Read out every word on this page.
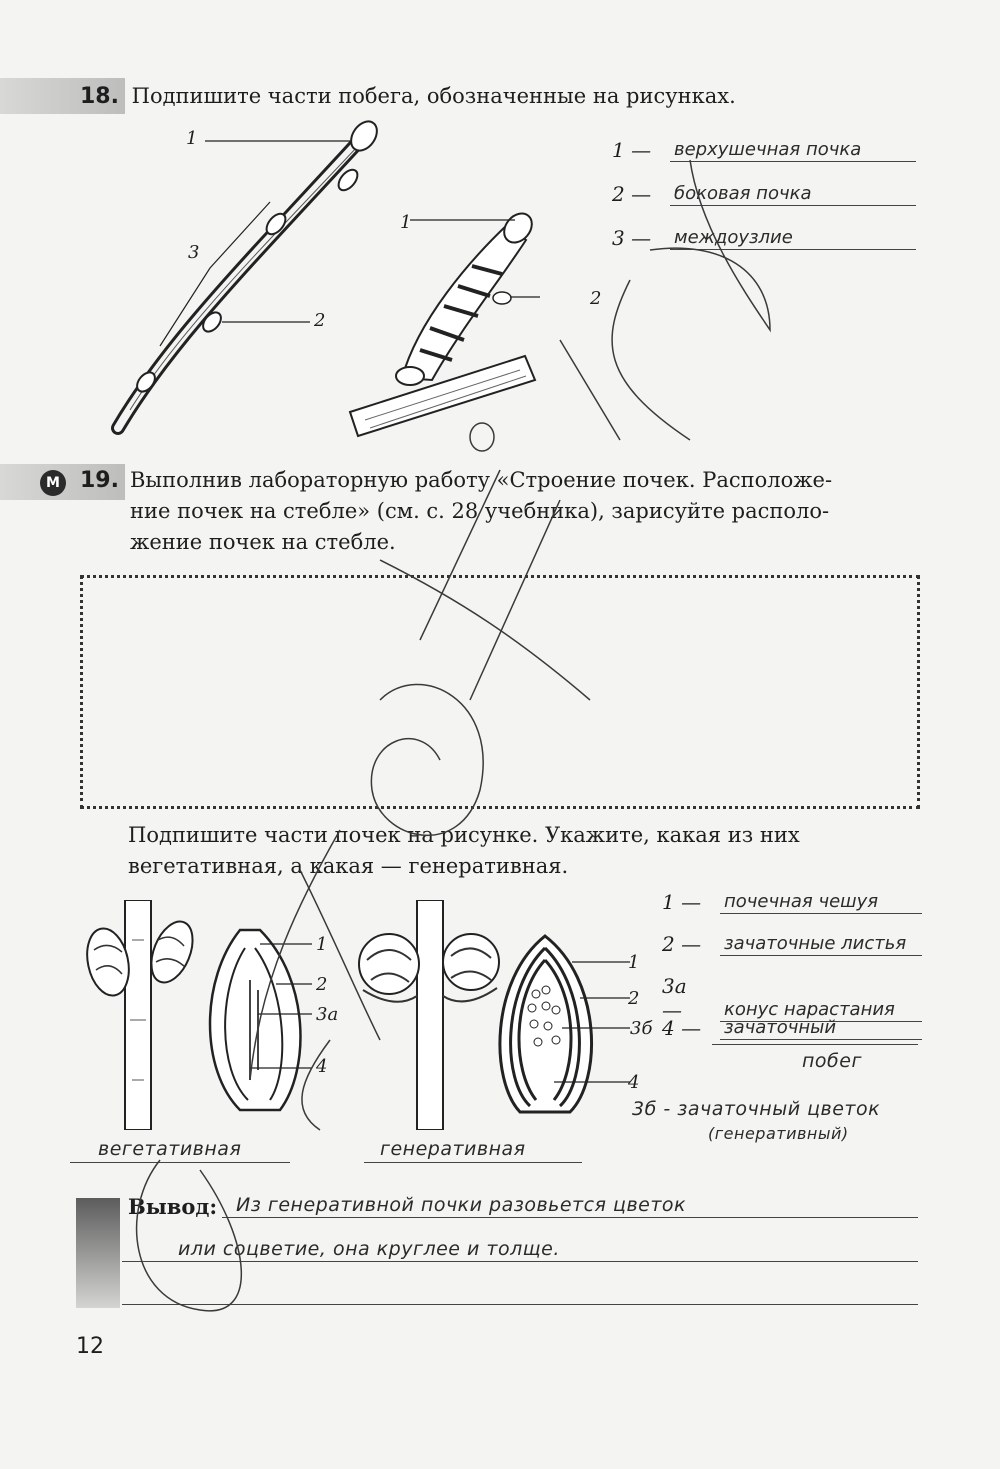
18. Подпишите части побега, обозначенные на рисунках.
1
3
2
1
2
1 —	верхушечная почка
2 —	боковая почка
3 —	междоузлие
М 19. Выполнив лабораторную работу «Строение почек. Расположе-
ние почек на стебле» (см. с. 28 учебника), зарисуйте располо-
жение почек на стебле.
Подпишите части почек на рисунке. Укажите, какая из них
вегетативная, а какая — генеративная.
1
2
3а
4
1
2
3б
4
1 —	почечная чешуя
2 —	зачаточные листья
3а —	конус нарастания
4 —	зачаточный
побег
3б - зачаточный цветок
(генеративный)
вегетативная	генеративная
Вывод: Из генеративной почки разовьется цветок
или соцветие, она круглее и толще.
12
